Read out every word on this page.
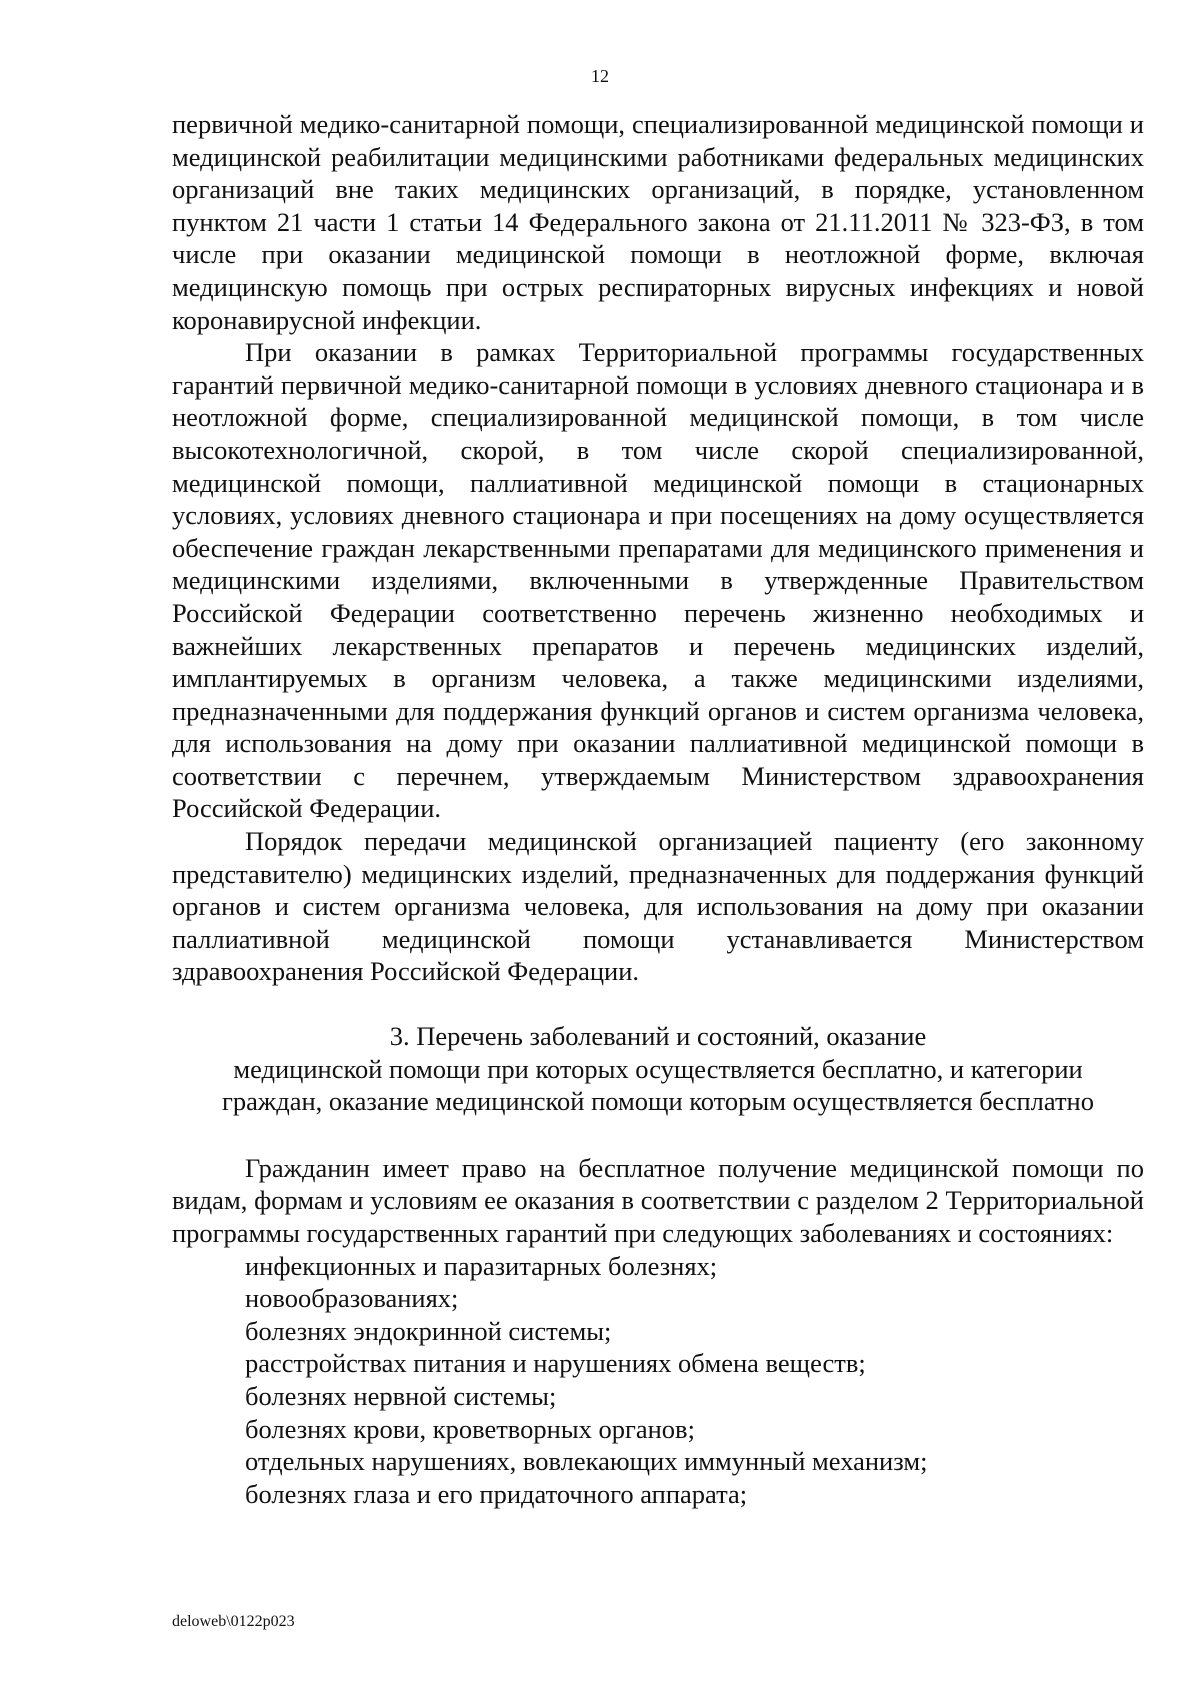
12

первичной медико-санитарной помощи, специализированной медицинской помощи и медицинской реабилитации медицинскими работниками федеральных медицинских организаций вне таких медицинских организаций, в порядке, установленном пунктом 21 части 1 статьи 14 Федерального закона от 21.11.2011 № 323-ФЗ, в том числе при оказании медицинской помощи в неотложной форме, включая медицинскую помощь при острых респираторных вирусных инфекциях и новой коронавирусной инфекции.

При оказании в рамках Территориальной программы государственных гарантий первичной медико-санитарной помощи в условиях дневного стационара и в неотложной форме, специализированной медицинской помощи, в том числе высокотехнологичной, скорой, в том числе скорой специализированной, медицинской помощи, паллиативной медицинской помощи в стационарных условиях, условиях дневного стационара и при посещениях на дому осуществляется обеспечение граждан лекарственными препаратами для медицинского применения и медицинскими изделиями, включенными в утвержденные Правительством Российской Федерации соответственно перечень жизненно необходимых и важнейших лекарственных препаратов и перечень медицинских изделий, имплантируемых в организм человека, а также медицинскими изделиями, предназначенными для поддержания функций органов и систем организма человека, для использования на дому при оказании паллиативной медицинской помощи в соответствии с перечнем, утверждаемым Министерством здравоохранения Российской Федерации.

Порядок передачи медицинской организацией пациенту (его законному представителю) медицинских изделий, предназначенных для поддержания функций органов и систем организма человека, для использования на дому при оказании паллиативной медицинской помощи устанавливается Министерством здравоохранения Российской Федерации.

3. Перечень заболеваний и состояний, оказание
медицинской помощи при которых осуществляется бесплатно, и категории
граждан, оказание медицинской помощи которым осуществляется бесплатно

Гражданин имеет право на бесплатное получение медицинской помощи по видам, формам и условиям ее оказания в соответствии с разделом 2 Территориальной программы государственных гарантий при следующих заболеваниях и состояниях:

инфекционных и паразитарных болезнях;
новообразованиях;
болезнях эндокринной системы;
расстройствах питания и нарушениях обмена веществ;
болезнях нервной системы;
болезнях крови, кроветворных органов;
отдельных нарушениях, вовлекающих иммунный механизм;
болезнях глаза и его придаточного аппарата;
deloweb\0122p023
